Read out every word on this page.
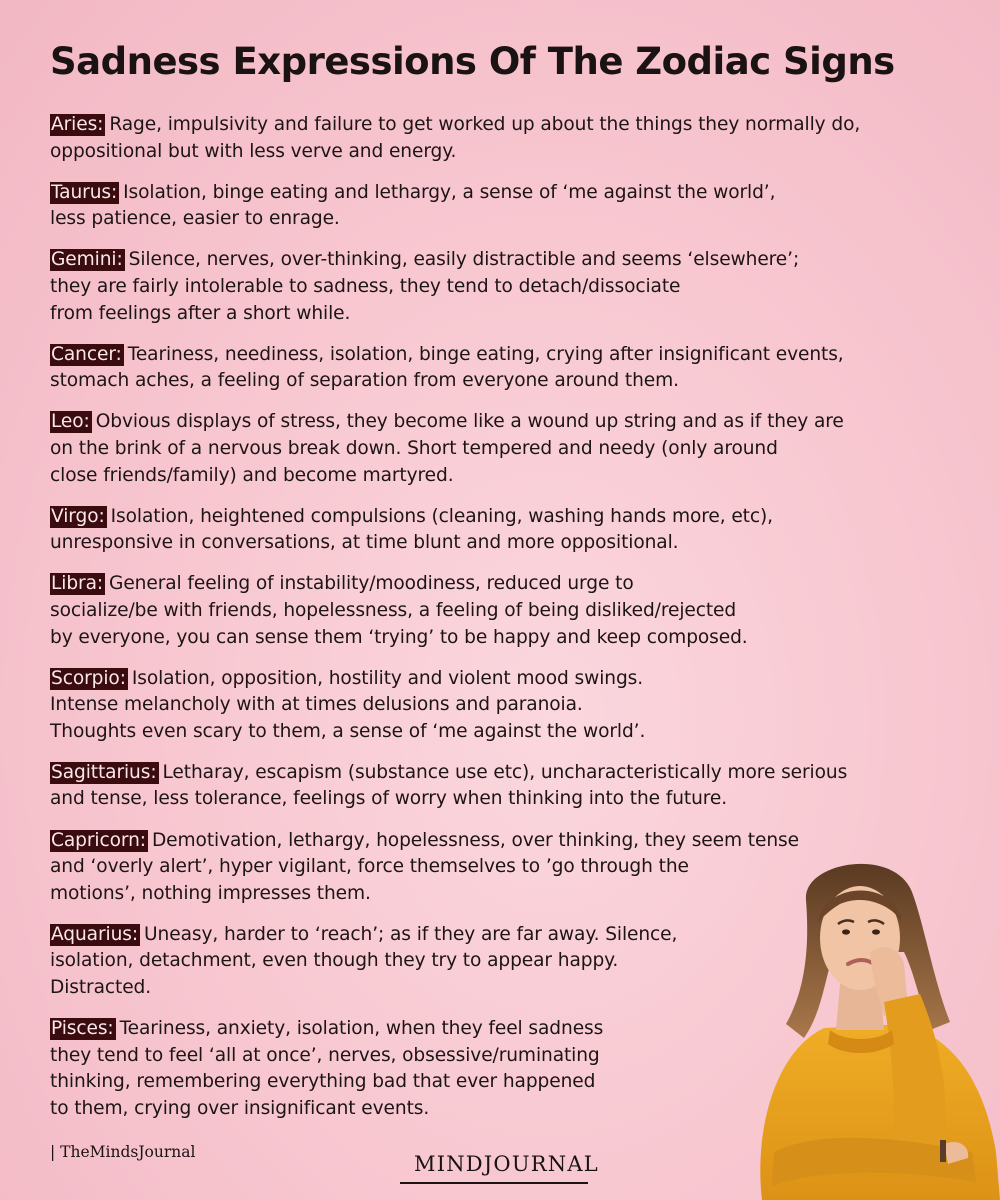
Sadness Expressions Of The Zodiac Signs
Aries: Rage, impulsivity and failure to get worked up about the things they normally do,
oppositional but with less verve and energy.
Taurus: Isolation, binge eating and lethargy, a sense of ‘me against the world’,
less patience, easier to enrage.
Gemini: Silence, nerves, over-thinking, easily distractible and seems ‘elsewhere’;
they are fairly intolerable to sadness, they tend to detach/dissociate
from feelings after a short while.
Cancer: Teariness, neediness, isolation, binge eating, crying after insignificant events,
stomach aches, a feeling of separation from everyone around them.
Leo: Obvious displays of stress, they become like a wound up string and as if they are
on the brink of a nervous break down. Short tempered and needy (only around
close friends/family) and become martyred.
Virgo: Isolation, heightened compulsions (cleaning, washing hands more, etc),
unresponsive in conversations, at time blunt and more oppositional.
Libra: General feeling of instability/moodiness, reduced urge to
socialize/be with friends, hopelessness, a feeling of being disliked/rejected
by everyone, you can sense them ‘trying’ to be happy and keep composed.
Scorpio: Isolation, opposition, hostility and violent mood swings.
Intense melancholy with at times delusions and paranoia.
Thoughts even scary to them, a sense of ‘me against the world’.
Sagittarius: Letharay, escapism (substance use etc), uncharacteristically more serious
and tense, less tolerance, feelings of worry when thinking into the future.
Capricorn: Demotivation, lethargy, hopelessness, over thinking, they seem tense
and ‘overly alert’, hyper vigilant, force themselves to ’go through the
motions’, nothing impresses them.
Aquarius: Uneasy, harder to ‘reach’; as if they are far away. Silence,
isolation, detachment, even though they try to appear happy.
Distracted.
Pisces: Teariness, anxiety, isolation, when they feel sadness
they tend to feel ‘all at once’, nerves, obsessive/ruminating
thinking, remembering everything bad that ever happened
to them, crying over insignificant events.
| TheMindsJournal	MINDJOURNAL
